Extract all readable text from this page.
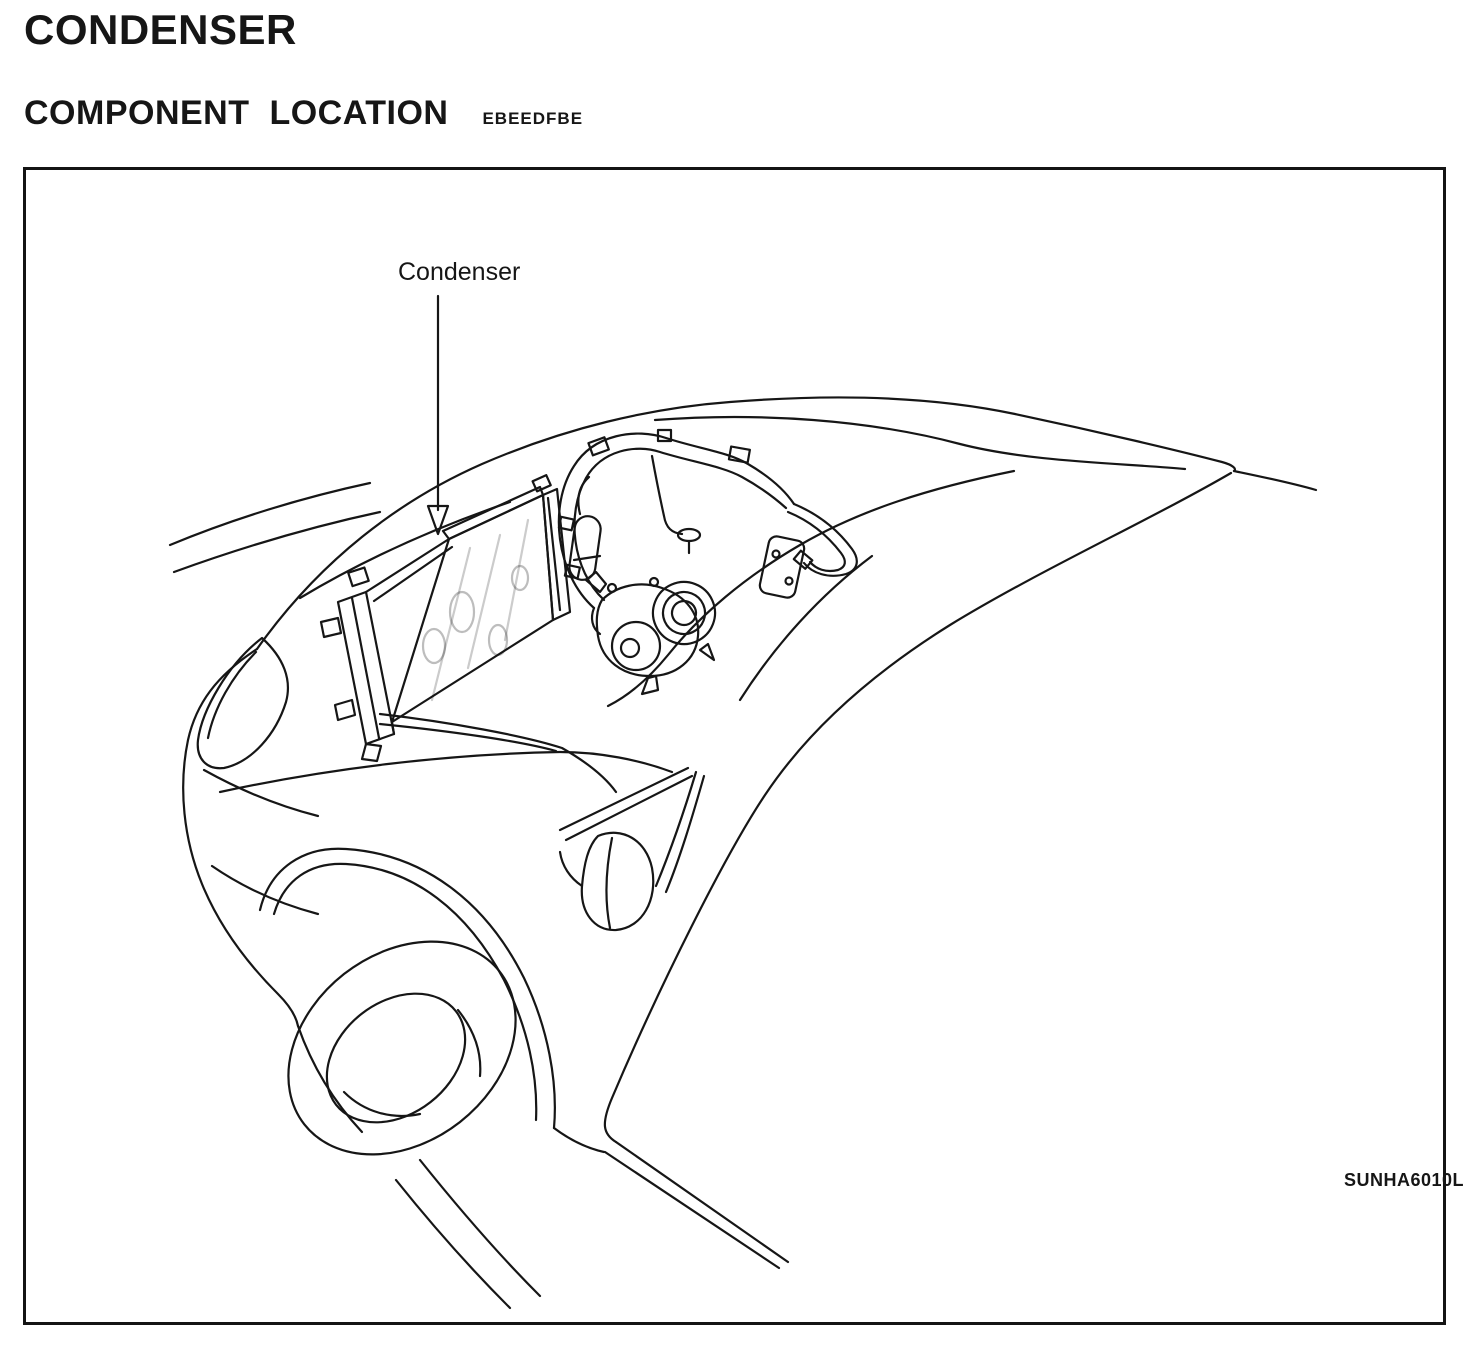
CONDENSER
COMPONENT LOCATION EBEEDFBE
Condenser
SUNHA6010L
